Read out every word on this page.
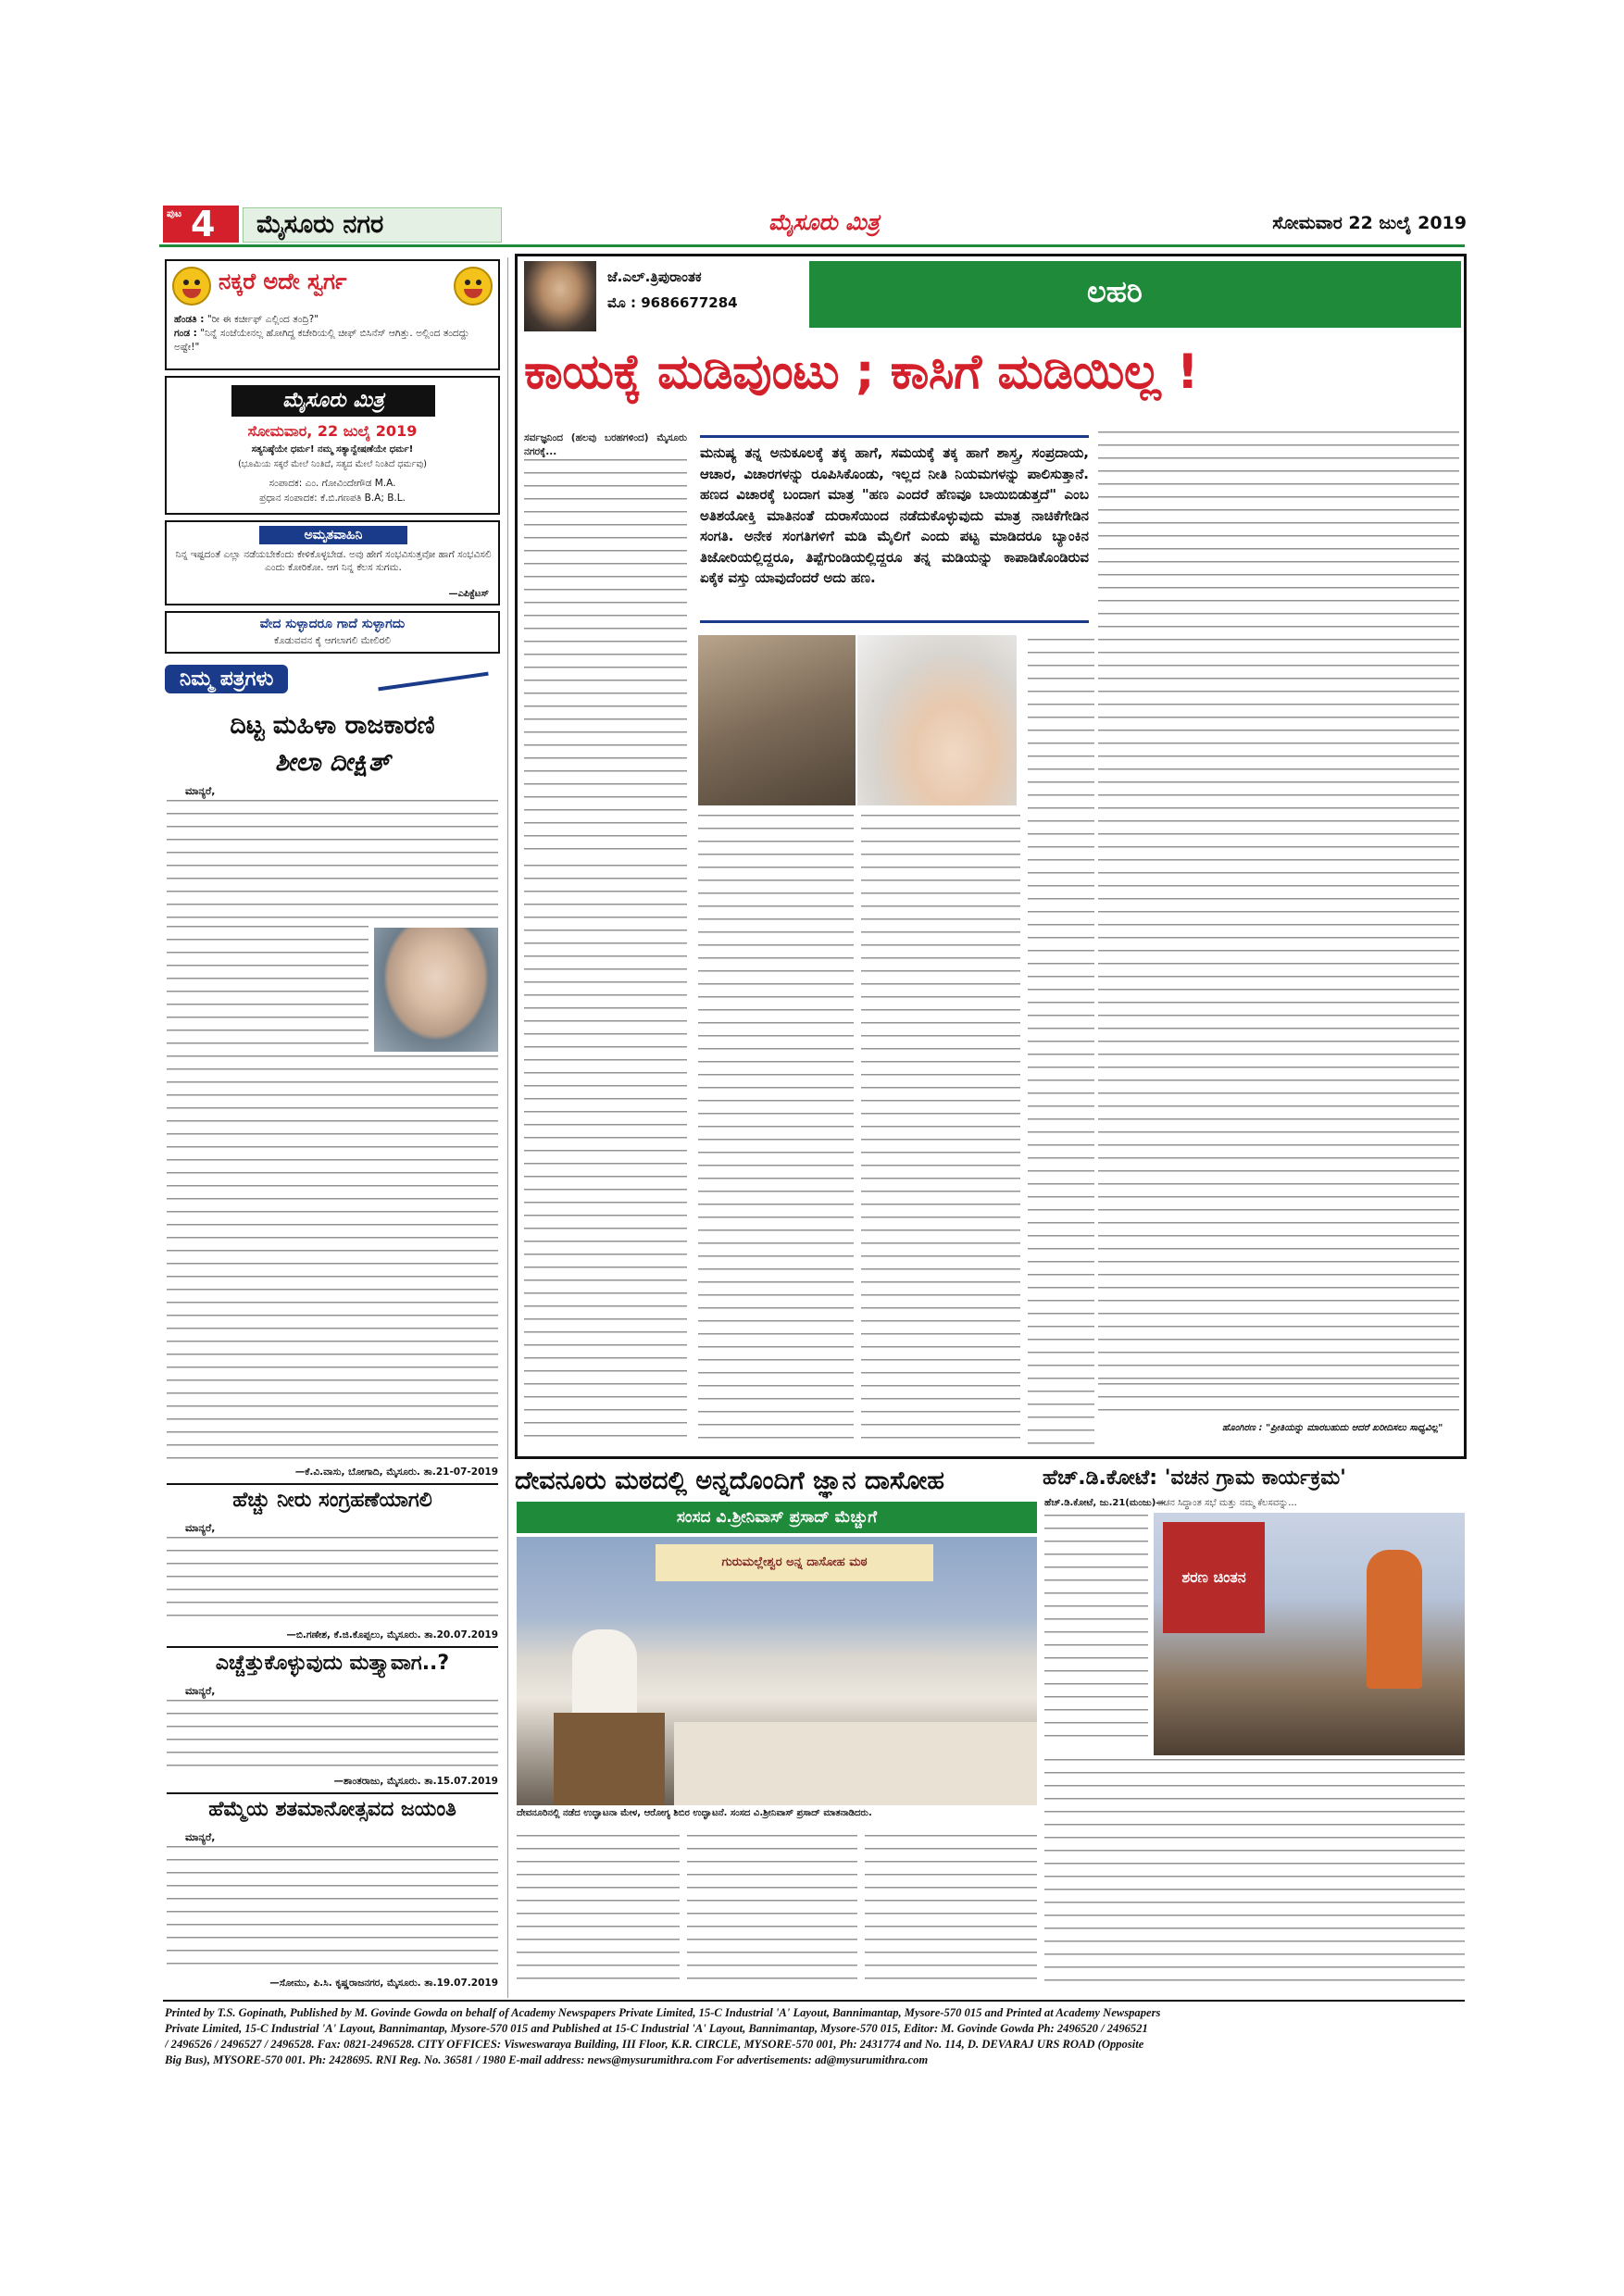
ಪುಟ 4 ಮೈಸೂರು ನಗರ	ಮೈಸೂರು ಮಿತ್ರ	ಸೋಮವಾರ 22 ಜುಲೈ 2019
ನಕ್ಕರೆ ಅದೇ ಸ್ವರ್ಗ
ಹೆಂಡತಿ : "ರೀ ಈ ಕರ್ಚೀಫ್ ಎಲ್ಲಿಂದ ತಂದ್ರಿ?"
ಗಂಡ : "ನಿನ್ನೆ ಸಂಜೆಯೇನಲ್ಲ ಹೋಗಿದ್ದ ಕಚೇರಿಯಲ್ಲಿ ಚೀಫ್ ಬಿಸಿನೆಸ್ ಆಗಿತ್ತು. ಅಲ್ಲಿಂದ ತಂದದ್ದು ಅಷ್ಟೇ!"
ಮೈಸೂರು ಮಿತ್ರ
ಸೋಮವಾರ, 22 ಜುಲೈ 2019
ಸತ್ಯನಿಷ್ಠೆಯೇ ಧರ್ಮ! ನಮ್ಮ ಸತ್ಯಾನ್ವೇಷಣೆಯೇ ಧರ್ಮ!
(ಭೂಮಿಯ ಸಕ್ಕರೆ ಮೇಲೆ ನಿಂತಿದೆ, ಸತ್ಯದ ಮೇಲೆ ನಿಂತಿದೆ ಧರ್ಮವು)
ಸಂಪಾದಕ: ಎಂ. ಗೋವಿಂದೇಗೌಡ M.A.
ಪ್ರಧಾನ ಸಂಪಾದಕ: ಕೆ.ಬಿ.ಗಣಪತಿ B.A; B.L.
ಅಮೃತವಾಹಿನಿ
ನಿನ್ನ ಇಷ್ಟದಂತೆ ಎಲ್ಲಾ ನಡೆಯಬೇಕೆಂದು ಕೇಳಿಕೊಳ್ಳಬೇಡ. ಅವು ಹೇಗೆ ಸಂಭವಿಸುತ್ತವೋ ಹಾಗೆ ಸಂಭವಿಸಲಿ ಎಂದು ಕೋರಿಕೋ. ಆಗ ನಿನ್ನ ಕೆಲಸ ಸುಗಮ.
—ಎಪಿಕ್ಟೆಟಸ್
ವೇದ ಸುಳ್ಳಾದರೂ ಗಾದೆ ಸುಳ್ಳಾಗದು
ಕೊಡುವವನ ಕೈ ಆಗಲಾಗಲಿ ಮೇಲಿರಲಿ
ನಿಮ್ಮ ಪತ್ರಗಳು
ದಿಟ್ಟ ಮಹಿಳಾ ರಾಜಕಾರಣಿ
ಶೀಲಾ ದೀಕ್ಷಿತ್
ಮಾನ್ಯರೆ,
—ಕೆ.ವಿ.ವಾಸು, ಬೋಗಾದಿ, ಮೈಸೂರು. ತಾ.21-07-2019
ಹೆಚ್ಚು ನೀರು ಸಂಗ್ರಹಣೆಯಾಗಲಿ
ಮಾನ್ಯರೆ,
—ಬಿ.ಗಣೇಶ, ಕೆ.ಜಿ.ಕೊಪ್ಪಲು, ಮೈಸೂರು. ತಾ.20.07.2019
ಎಚ್ಚೆತ್ತುಕೊಳ್ಳುವುದು ಮತ್ತ್ಯಾವಾಗ..?
ಮಾನ್ಯರೆ,
—ಶಾಂತರಾಜು, ಮೈಸೂರು. ತಾ.15.07.2019
ಹೆಮ್ಮೆಯ ಶತಮಾನೋತ್ಸವದ ಜಯಂತಿ
ಮಾನ್ಯರೆ,
—ಸೋಮು, ಪಿ.ಸಿ. ಕೃಷ್ಣರಾಜನಗರ, ಮೈಸೂರು. ತಾ.19.07.2019
ಜೆ.ಎಲ್.ತ್ರಿಪುರಾಂತಕ
ಮೊ : 9686677284	ಲಹರಿ
ಕಾಯಕ್ಕೆ ಮಡಿವುಂಟು ; ಕಾಸಿಗೆ ಮಡಿಯಿಲ್ಲ !
ಸರ್ವಜ್ಞನಿಂದ (ಹಲವು ಬರಹಗಳಿಂದ) ಮೈಸೂರು ನಗರಕ್ಕೆ...	ಮನುಷ್ಯ ತನ್ನ ಅನುಕೂಲಕ್ಕೆ ತಕ್ಕ ಹಾಗೆ, ಸಮಯಕ್ಕೆ ತಕ್ಕ ಹಾಗೆ ಶಾಸ್ತ್ರ, ಸಂಪ್ರದಾಯ, ಆಚಾರ, ವಿಚಾರಗಳನ್ನು ರೂಪಿಸಿಕೊಂಡು, ಇಲ್ಲದ ನೀತಿ ನಿಯಮಗಳನ್ನು ಪಾಲಿಸುತ್ತಾನೆ. ಹಣದ ವಿಚಾರಕ್ಕೆ ಬಂದಾಗ ಮಾತ್ರ "ಹಣ ಎಂದರೆ ಹೆಣವೂ ಬಾಯಿಬಿಡುತ್ತದೆ" ಎಂಬ ಅತಿಶಯೋಕ್ತಿ ಮಾತಿನಂತೆ ದುರಾಸೆಯಿಂದ ನಡೆದುಕೊಳ್ಳುವುದು ಮಾತ್ರ ನಾಚಿಕೆಗೇಡಿನ ಸಂಗತಿ. ಅನೇಕ ಸಂಗತಿಗಳಿಗೆ ಮಡಿ ಮೈಲಿಗೆ ಎಂದು ಪಟ್ಟ ಮಾಡಿದರೂ ಬ್ಯಾಂಕಿನ ತಿಜೋರಿಯಲ್ಲಿದ್ದರೂ, ತಿಪ್ಪೆಗುಂಡಿಯಲ್ಲಿದ್ದರೂ ತನ್ನ ಮಡಿಯನ್ನು ಕಾಪಾಡಿಕೊಂಡಿರುವ ಏಕೈಕ ವಸ್ತು ಯಾವುದೆಂದರೆ ಅದು ಹಣ.
ಹೊಂಗಿರಣ : "ಪ್ರೀತಿಯನ್ನು ಮಾರಬಹುದು ಆದರೆ ಖರೀದಿಸಲು ಸಾಧ್ಯವಿಲ್ಲ"
ದೇವನೂರು ಮಠದಲ್ಲಿ ಅನ್ನದೊಂದಿಗೆ ಜ್ಞಾನ ದಾಸೋಹ
ಸಂಸದ ವಿ.ಶ್ರೀನಿವಾಸ್ ಪ್ರಸಾದ್ ಮೆಚ್ಚುಗೆ
ಗುರುಮಲ್ಲೇಶ್ವರ ಅನ್ನ ದಾಸೋಹ ಮಠ
ದೇವನೂರಿನಲ್ಲಿ ನಡೆದ ಉದ್ಘಾಟನಾ ಮೇಳ, ಆರೋಗ್ಯ ಶಿಬಿರ ಉದ್ಘಾಟನೆ. ಸಂಸದ ವಿ.ಶ್ರೀನಿವಾಸ್ ಪ್ರಸಾದ್ ಮಾತನಾಡಿದರು.
ಹೆಚ್.ಡಿ.ಕೋಟೆ: 'ವಚನ ಗ್ರಾಮ ಕಾರ್ಯಕ್ರಮ'
ಹೆಚ್.ಡಿ.ಕೋಟೆ, ಜು.21(ಮಂಜು)—
ವಚನ ಸಿದ್ಧಾಂತ ಸಭೆ ಮತ್ತು ನಮ್ಮ ಕೆಲಸವನ್ನು...
ಶರಣ ಚಿಂತನ
Printed by T.S. Gopinath, Published by M. Govinde Gowda on behalf of Academy Newspapers Private Limited, 15-C Industrial 'A' Layout, Bannimantap, Mysore-570 015 and Printed at Academy Newspapers
Private Limited, 15-C Industrial 'A' Layout, Bannimantap, Mysore-570 015 and Published at 15-C Industrial 'A' Layout, Bannimantap, Mysore-570 015, Editor: M. Govinde Gowda Ph: 2496520 / 2496521
/ 2496526 / 2496527 / 2496528. Fax: 0821-2496528. CITY OFFICES: Visweswaraya Building, III Floor, K.R. CIRCLE, MYSORE-570 001, Ph: 2431774 and No. 114, D. DEVARAJ URS ROAD (Opposite
Big Bus), MYSORE-570 001. Ph: 2428695. RNI Reg. No. 36581 / 1980 E-mail address: news@mysurumithra.com For advertisements: ad@mysurumithra.com
